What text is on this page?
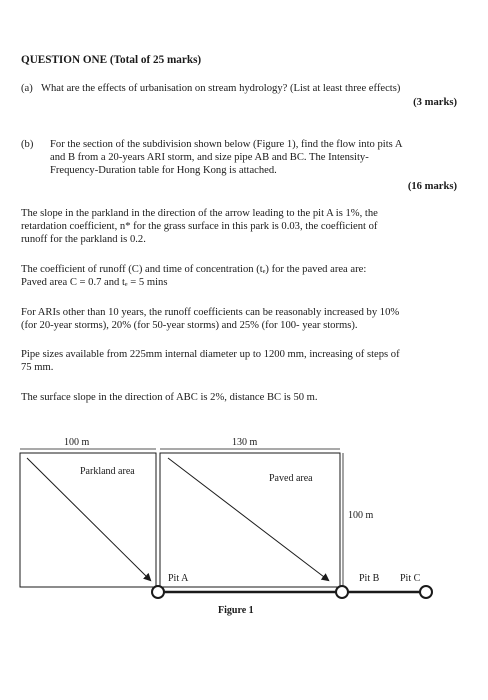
QUESTION ONE (Total of 25 marks)
(a) What are the effects of urbanisation on stream hydrology? (List at least three effects)
(3 marks)
(b) For the section of the subdivision shown below (Figure 1), find the flow into pits A
and B from a 20-years ARI storm, and size pipe AB and BC. The Intensity-
Frequency-Duration table for Hong Kong is attached.
(16 marks)
The slope in the parkland in the direction of the arrow leading to the pit A is 1%, the
retardation coefficient, n* for the grass surface in this park is 0.03, the coefficient of
runoff for the parkland is 0.2.
The coefficient of runoff (C) and time of concentration (tₑ) for the paved area are:
Paved area C = 0.7 and tₑ = 5 mins
For ARIs other than 10 years, the runoff coefficients can be reasonably increased by 10%
(for 20-year storms), 20% (for 50-year storms) and 25% (for 100- year storms).
Pipe sizes available from 225mm internal diameter up to 1200 mm, increasing of steps of
75 mm.
The surface slope in the direction of ABC is 2%, distance BC is 50 m.
100 m	130 m
Parkland area
Paved area
100 m
Pit A	Pit B Pit C
Figure 1
